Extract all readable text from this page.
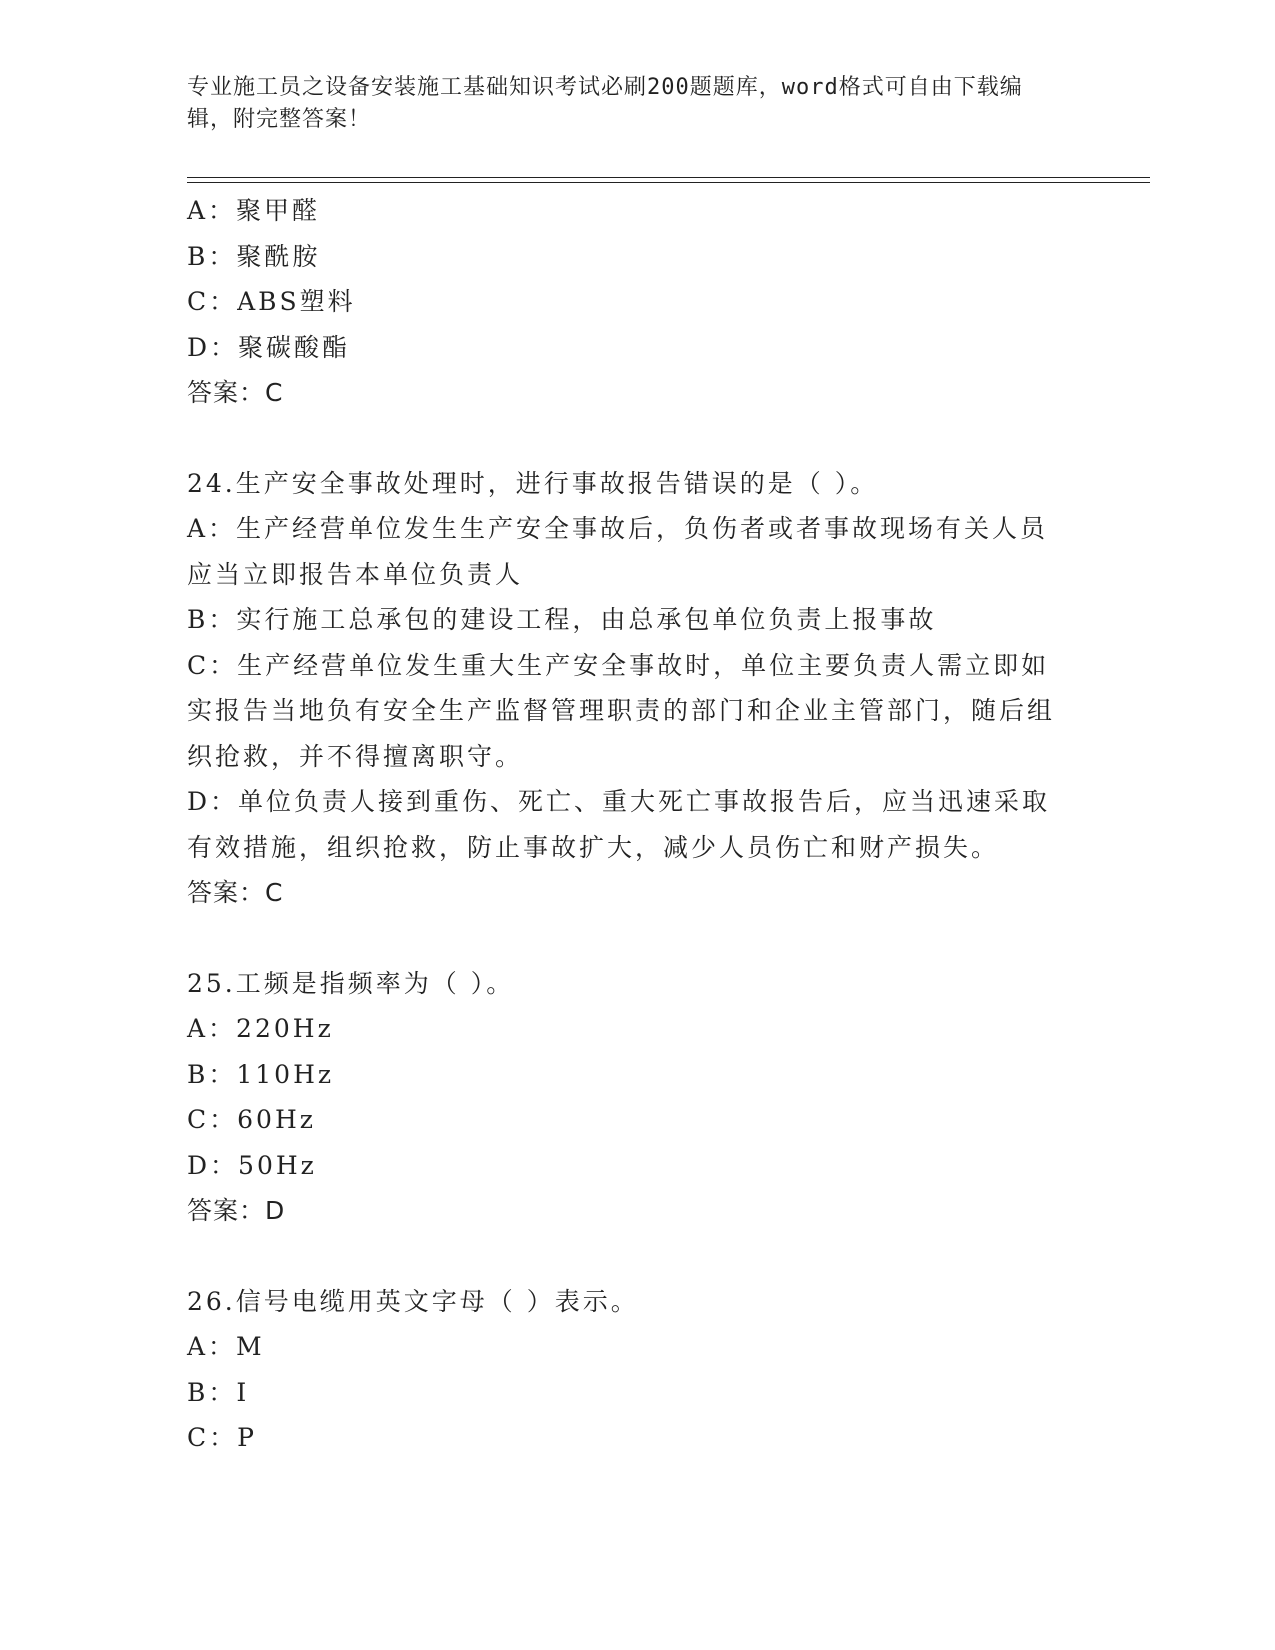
专业施工员之设备安装施工基础知识考试必刷200题题库，word格式可自由下载编辑，附完整答案！
A：聚甲醛
B：聚酰胺
C：ABS塑料
D：聚碳酸酯
答案：C
24.生产安全事故处理时，进行事故报告错误的是（ ）。
A：生产经营单位发生生产安全事故后，负伤者或者事故现场有关人员应当立即报告本单位负责人
B：实行施工总承包的建设工程，由总承包单位负责上报事故
C：生产经营单位发生重大生产安全事故时，单位主要负责人需立即如实报告当地负有安全生产监督管理职责的部门和企业主管部门，随后组织抢救，并不得擅离职守。
D：单位负责人接到重伤、死亡、重大死亡事故报告后，应当迅速采取有效措施，组织抢救，防止事故扩大，减少人员伤亡和财产损失。
答案：C
25.工频是指频率为（ ）。
A：220Hz
B：110Hz
C：60Hz
D：50Hz
答案：D
26.信号电缆用英文字母（ ）表示。
A：M
B：I
C：P
